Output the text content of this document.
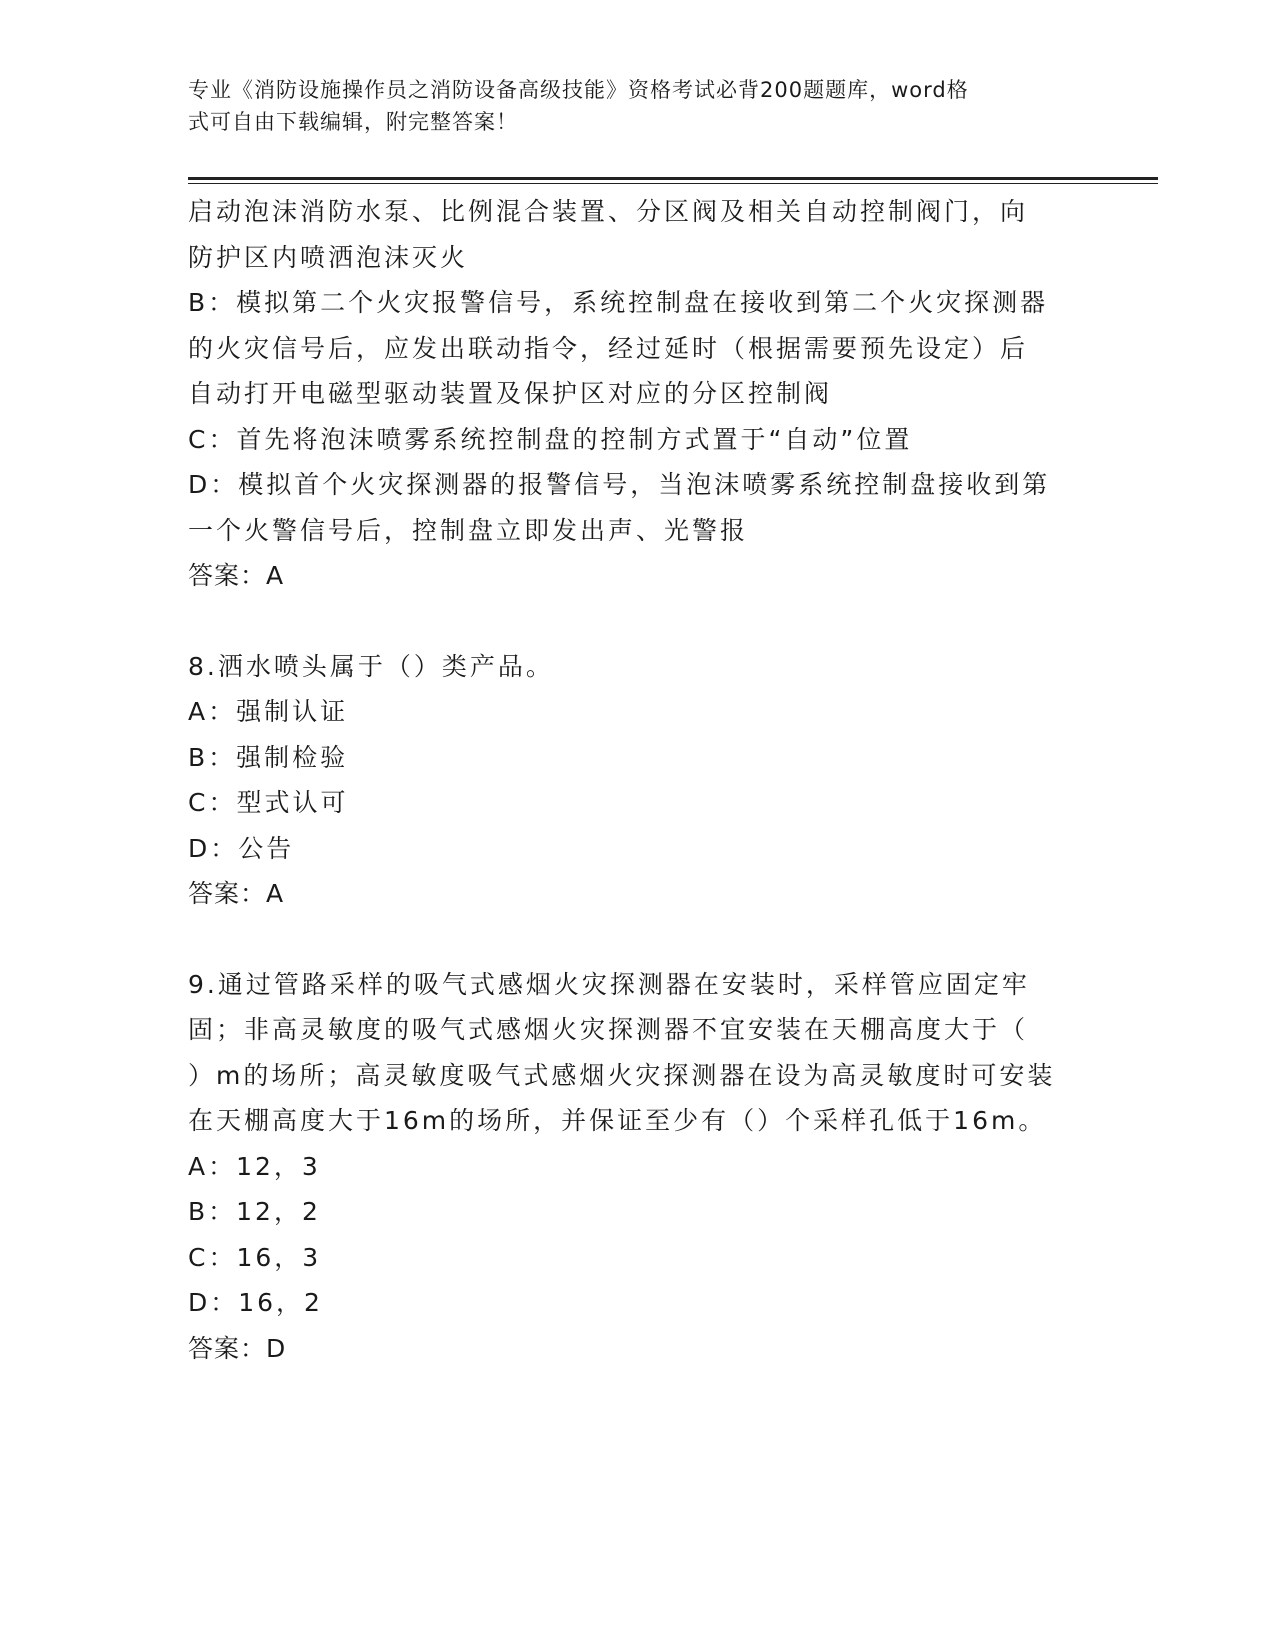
专业《消防设施操作员之消防设备高级技能》资格考试必背200题题库，word格
式可自由下载编辑，附完整答案！
启动泡沫消防水泵、比例混合装置、分区阀及相关自动控制阀门，向
防护区内喷洒泡沫灭火
B：模拟第二个火灾报警信号，系统控制盘在接收到第二个火灾探测器
的火灾信号后，应发出联动指令，经过延时（根据需要预先设定）后
自动打开电磁型驱动装置及保护区对应的分区控制阀
C：首先将泡沫喷雾系统控制盘的控制方式置于“自动”位置
D：模拟首个火灾探测器的报警信号，当泡沫喷雾系统控制盘接收到第
一个火警信号后，控制盘立即发出声、光警报
答案：A
8.洒水喷头属于（）类产品。
A：强制认证
B：强制检验
C：型式认可
D：公告
答案：A
9.通过管路采样的吸气式感烟火灾探测器在安装时，采样管应固定牢
固；非高灵敏度的吸气式感烟火灾探测器不宜安装在天棚高度大于（
）m的场所；高灵敏度吸气式感烟火灾探测器在设为高灵敏度时可安装
在天棚高度大于16m的场所，并保证至少有（）个采样孔低于16m。
A：12，3
B：12，2
C：16，3
D：16，2
答案：D
